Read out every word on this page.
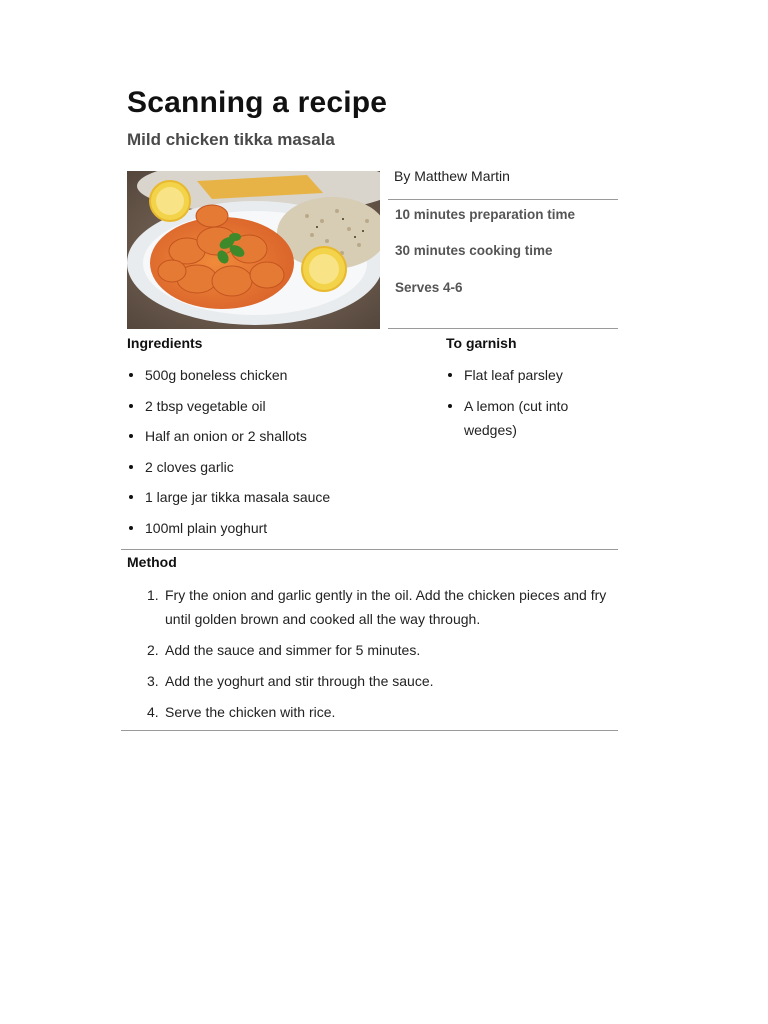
Scanning a recipe
Mild chicken tikka masala
By Matthew Martin
10 minutes preparation time
30 minutes cooking time
Serves 4-6
Ingredients
500g boneless chicken
2 tbsp vegetable oil
Half an onion or 2 shallots
2 cloves garlic
1 large jar tikka masala sauce
100ml plain yoghurt
To garnish
Flat leaf parsley
A lemon (cut into wedges)
Method
1. Fry the onion and garlic gently in the oil. Add the chicken pieces and fry until golden brown and cooked all the way through.
2. Add the sauce and simmer for 5 minutes.
3. Add the yoghurt and stir through the sauce.
4. Serve the chicken with rice.
